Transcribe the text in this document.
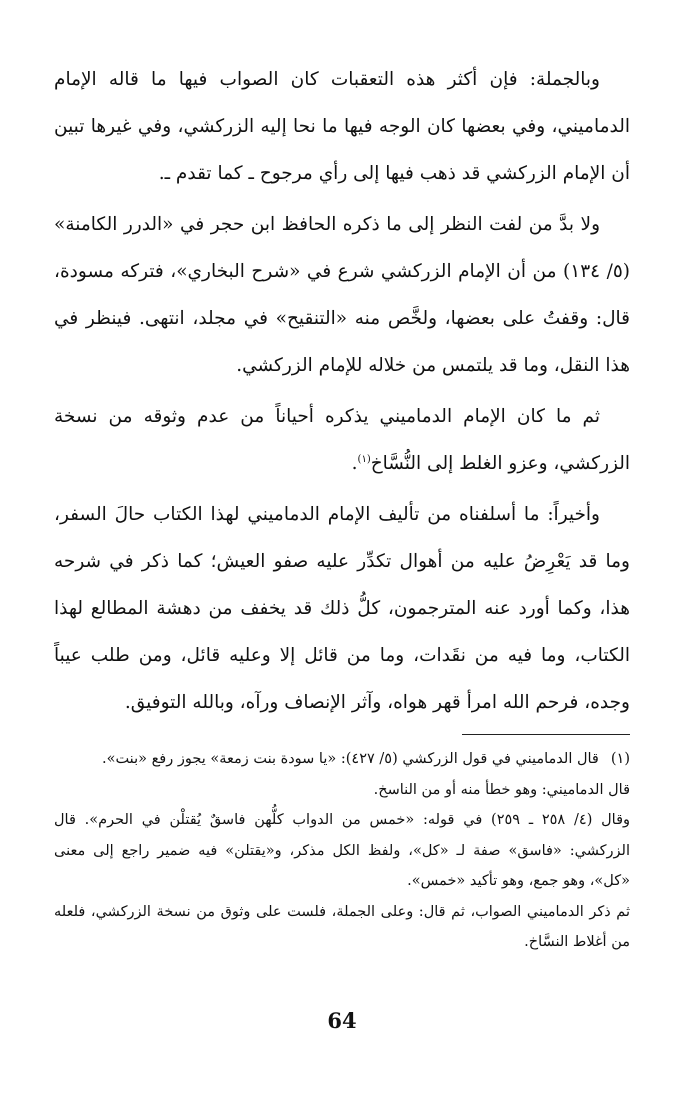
وبالجملة: فإن أكثر هذه التعقبات كان الصواب فيها ما قاله الإمام الدماميني، وفي بعضها كان الوجه فيها ما نحا إليه الزركشي، وفي غيرها تبين أن الإمام الزركشي قد ذهب فيها إلى رأي مرجوح ـ كما تقدم ـ.

ولا بدَّ من لفت النظر إلى ما ذكره الحافظ ابن حجر في «الدرر الكامنة» (٥/ ١٣٤) من أن الإمام الزركشي شرع في «شرح البخاري»، فتركه مسودة، قال: وقفتُ على بعضها، ولخَّص منه «التنقيح» في مجلد، انتهى. فينظر في هذا النقل، وما قد يلتمس من خلاله للإمام الزركشي.

ثم ما كان الإمام الدماميني يذكره أحياناً من عدم وثوقه من نسخة الزركشي، وعزو الغلط إلى النُّسَّاخ$^{(١)}$.

وأخيراً: ما أسلفناه من تأليف الإمام الدماميني لهذا الكتاب حالَ السفر، وما قد يَعْرِضُ عليه من أهوال تكدِّر عليه صفو العيش؛ كما ذكر في شرحه هذا، وكما أورد عنه المترجمون، كلُّ ذلك قد يخفف من دهشة المطالع لهذا الكتاب، وما فيه من نقَدات، وما من قائل إلا وعليه قائل، ومن طلب عيباً وجده، فرحم الله امرأ قهر هواه، وآثر الإنصاف ورآه، وبالله التوفيق.

(١)

قال الدماميني في قول الزركشي (٥/ ٤٢٧): «يا سودة بنت زمعة» يجوز رفع «بنت».

قال الدماميني: وهو خطأ منه أو من الناسخ.

وقال (٤/ ٢٥٨ ـ ٢٥٩) في قوله: «خمس من الدواب كلُّهن فاسقٌ يُقتلْن في الحرم». قال الزركشي: «فاسق» صفة لـ «كل»، ولفظ الكل مذكر، و«يقتلن» فيه ضمير راجع إلى معنى «كل»، وهو جمع، وهو تأكيد «خمس».

ثم ذكر الدماميني الصواب، ثم قال: وعلى الجملة، فلست على وثوق من نسخة الزركشي، فلعله من أغلاط النسَّاخ.

64
